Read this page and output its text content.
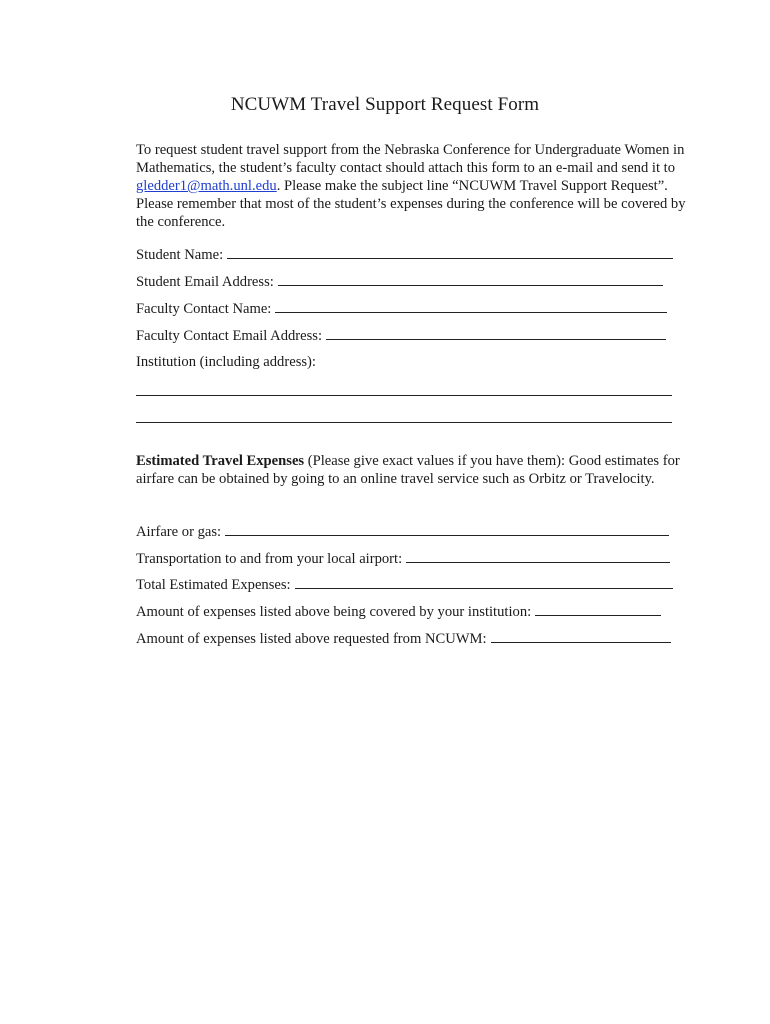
NCUWM Travel Support Request Form
To request student travel support from the Nebraska Conference for Undergraduate Women in Mathematics, the student’s faculty contact should attach this form to an e-mail and send it to gledder1@math.unl.edu. Please make the subject line “NCUWM Travel Support Request”. Please remember that most of the student’s expenses during the conference will be covered by the conference.
Student Name:
Student Email Address:
Faculty Contact Name:
Faculty Contact Email Address:
Institution (including address):
Estimated Travel Expenses (Please give exact values if you have them): Good estimates for airfare can be obtained by going to an online travel service such as Orbitz or Travelocity.
Airfare or gas:
Transportation to and from your local airport:
Total Estimated Expenses:
Amount of expenses listed above being covered by your institution:
Amount of expenses listed above requested from NCUWM:
